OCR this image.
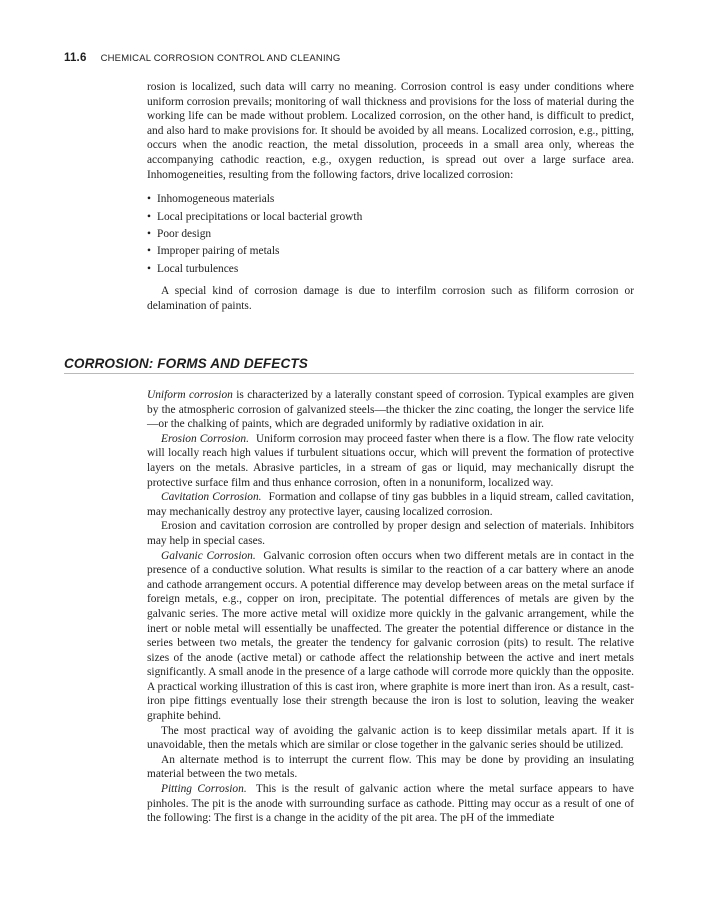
11.6 CHEMICAL CORROSION CONTROL AND CLEANING

rosion is localized, such data will carry no meaning. Corrosion control is easy under conditions where uniform corrosion prevails; monitoring of wall thickness and provisions for the loss of material during the working life can be made without problem. Localized corrosion, on the other hand, is difficult to predict, and also hard to make provisions for. It should be avoided by all means. Localized corrosion, e.g., pitting, occurs when the anodic reaction, the metal dissolution, proceeds in a small area only, whereas the accompanying cathodic reaction, e.g., oxygen reduction, is spread out over a large surface area. Inhomogeneities, resulting from the following factors, drive localized corrosion:

• Inhomogeneous materials
• Local precipitations or local bacterial growth
• Poor design
• Improper pairing of metals
• Local turbulences

A special kind of corrosion damage is due to interfilm corrosion such as filiform corrosion or delamination of paints.

CORROSION: FORMS AND DEFECTS

Uniform corrosion is characterized by a laterally constant speed of corrosion. Typical examples are given by the atmospheric corrosion of galvanized steels—the thicker the zinc coating, the longer the service life—or the chalking of paints, which are degraded uniformly by radiative oxidation in air.

Erosion Corrosion. Uniform corrosion may proceed faster when there is a flow. The flow rate velocity will locally reach high values if turbulent situations occur, which will prevent the formation of protective layers on the metals. Abrasive particles, in a stream of gas or liquid, may mechanically disrupt the protective surface film and thus enhance corrosion, often in a nonuniform, localized way.

Cavitation Corrosion. Formation and collapse of tiny gas bubbles in a liquid stream, called cavitation, may mechanically destroy any protective layer, causing localized corrosion.

Erosion and cavitation corrosion are controlled by proper design and selection of materials. Inhibitors may help in special cases.

Galvanic Corrosion. Galvanic corrosion often occurs when two different metals are in contact in the presence of a conductive solution. What results is similar to the reaction of a car battery where an anode and cathode arrangement occurs. A potential difference may develop between areas on the metal surface if foreign metals, e.g., copper on iron, precipitate. The potential differences of metals are given by the galvanic series. The more active metal will oxidize more quickly in the galvanic arrangement, while the inert or noble metal will essentially be unaffected. The greater the potential difference or distance in the series between two metals, the greater the tendency for galvanic corrosion (pits) to result. The relative sizes of the anode (active metal) or cathode affect the relationship between the active and inert metals significantly. A small anode in the presence of a large cathode will corrode more quickly than the opposite. A practical working illustration of this is cast iron, where graphite is more inert than iron. As a result, cast-iron pipe fittings eventually lose their strength because the iron is lost to solution, leaving the weaker graphite behind.

The most practical way of avoiding the galvanic action is to keep dissimilar metals apart. If it is unavoidable, then the metals which are similar or close together in the galvanic series should be utilized.

An alternate method is to interrupt the current flow. This may be done by providing an insulating material between the two metals.

Pitting Corrosion. This is the result of galvanic action where the metal surface appears to have pinholes. The pit is the anode with surrounding surface as cathode. Pitting may occur as a result of one of the following: The first is a change in the acidity of the pit area. The pH of the immediate
